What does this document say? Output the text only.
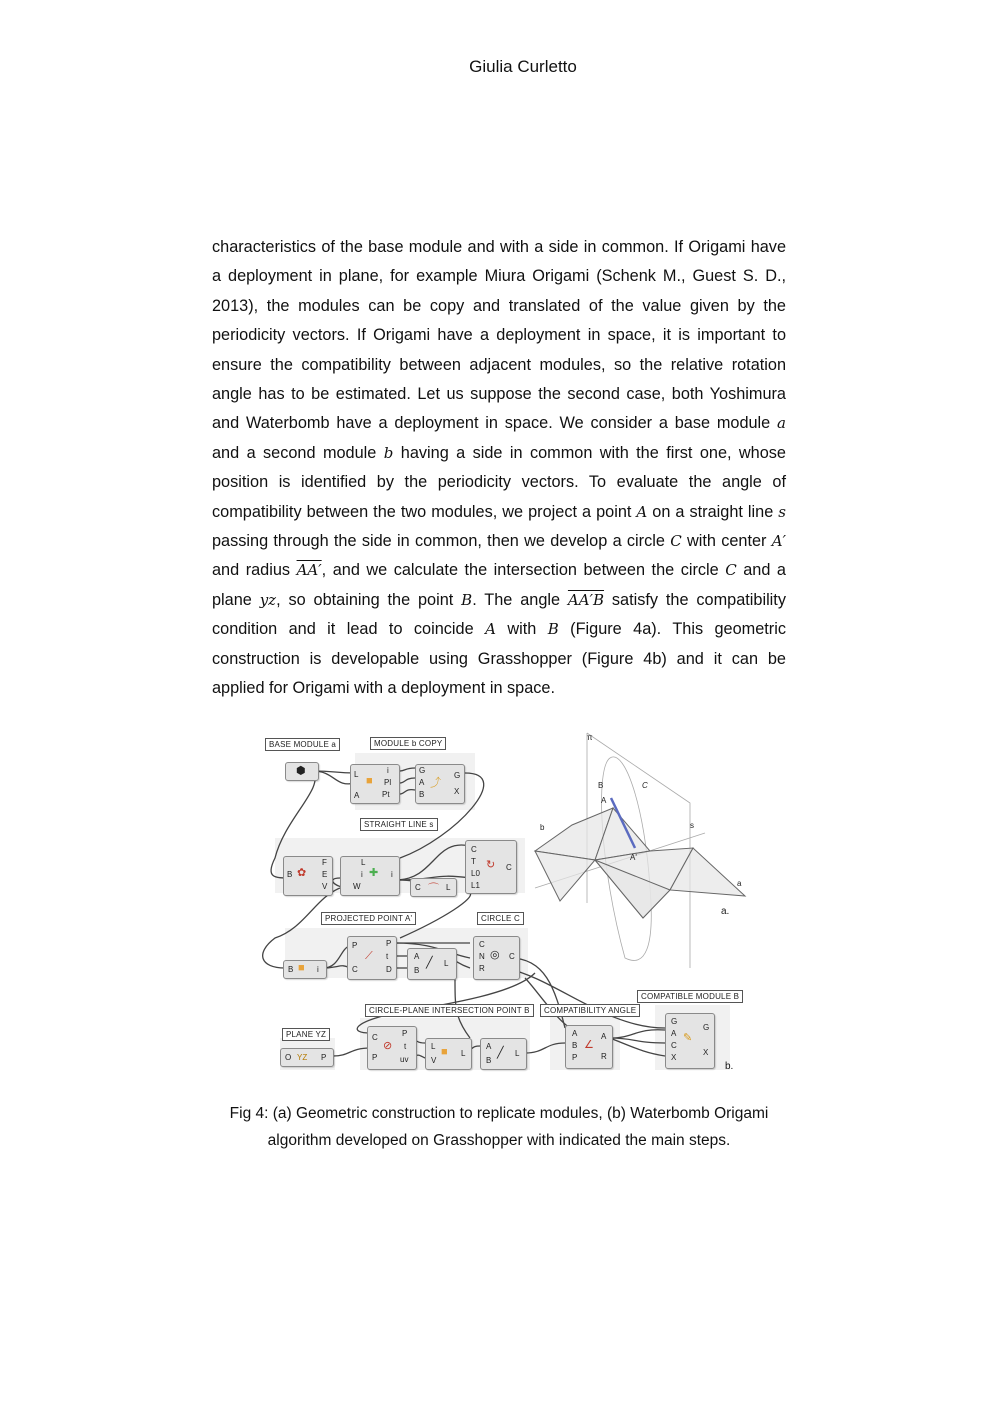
Giulia Curletto

characteristics of the base module and with a side in common. If Origami have a deployment in plane, for example Miura Origami (Schenk M., Guest S. D., 2013), the modules can be copy and translated of the value given by the periodicity vectors. If Origami have a deployment in space, it is important to ensure the compatibility between adjacent modules, so the relative rotation angle has to be estimated. Let us suppose the second case, both Yoshimura and Waterbomb have a deployment in space. We consider a base module a and a second module b having a side in common with the first one, whose position is identified by the periodicity vectors. To evaluate the angle of compatibility between the two modules, we project a point A on a straight line s passing through the side in common, then we develop a circle C with center A′ and radius AA′, and we calculate the intersection between the circle C and a plane yz, so obtaining the point B. The angle AA′B satisfy the compatibility condition and it lead to coincide A with B (Figure 4a). This geometric construction is developable using Grasshopper (Figure 4b) and it can be applied for Origami with a deployment in space.

BASE MODULE a	MODULE b COPY
STRAIGHT LINE s
PROJECTED POINT A'	CIRCLE C
CIRCLE-PLANE INTERSECTION POINT B	COMPATIBILITY ANGLE
COMPATIBLE MODULE B
PLANE YZ
⬢	L
A
■
i
Pl
Pt
G
A
B
⤴
G
X
B ✿
F
E
V
L
i
W
✚ i
C ⌒ L
C
T
L0
L1
↻ C
B ■ i
P
C
⟋
P
t
D
A
B
╱ L
C
N
R
◎ C
O YZ P
C
P
⊘
P
t
uv
L
V
■ L
A
B
╱ L
A
B
P
∠
A
R
G
A
C
X
✎
G
X
b.
π
B
A
C
b	s
A'
a
a.
Fig 4: (a) Geometric construction to replicate modules, (b) Waterbomb Origami
algorithm developed on Grasshopper with indicated the main steps.
